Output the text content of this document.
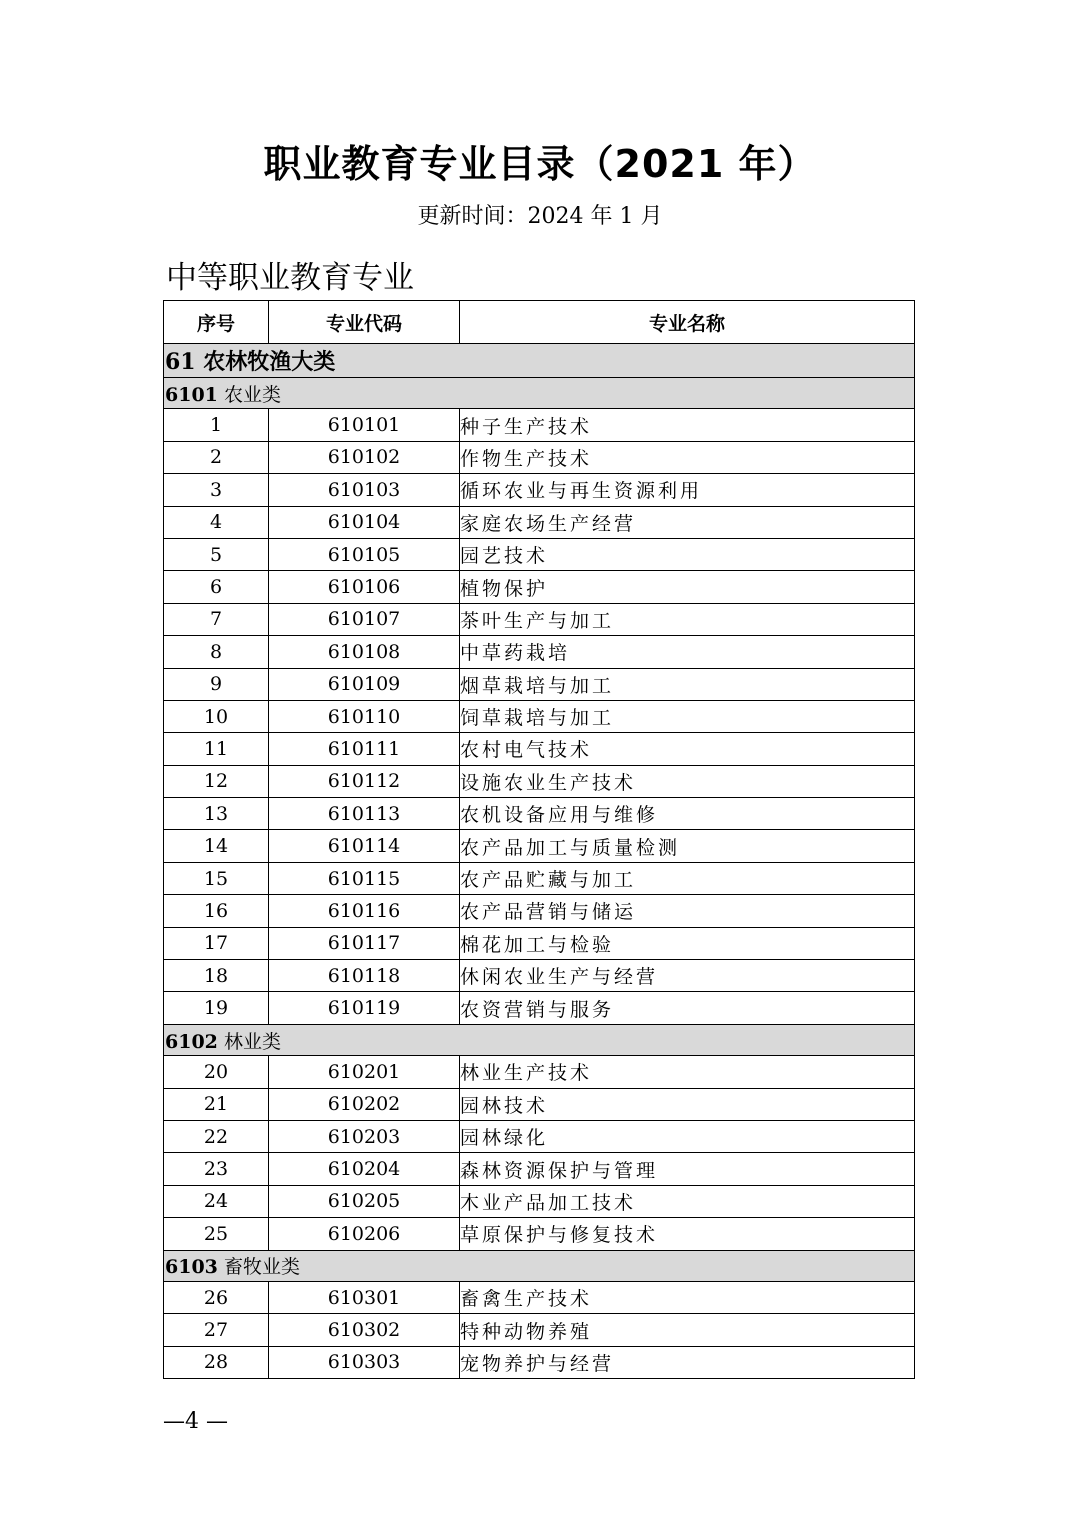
职业教育专业目录（2021 年）
更新时间：2024 年 1 月
中等职业教育专业
序号	专业代码	专业名称
61 农林牧渔大类		
6101 农业类		
1	610101	种子生产技术
2	610102	作物生产技术
3	610103	循环农业与再生资源利用
4	610104	家庭农场生产经营
5	610105	园艺技术
6	610106	植物保护
7	610107	茶叶生产与加工
8	610108	中草药栽培
9	610109	烟草栽培与加工
10	610110	饲草栽培与加工
11	610111	农村电气技术
12	610112	设施农业生产技术
13	610113	农机设备应用与维修
14	610114	农产品加工与质量检测
15	610115	农产品贮藏与加工
16	610116	农产品营销与储运
17	610117	棉花加工与检验
18	610118	休闲农业生产与经营
19	610119	农资营销与服务
6102 林业类		
20	610201	林业生产技术
21	610202	园林技术
22	610203	园林绿化
23	610204	森林资源保护与管理
24	610205	木业产品加工技术
25	610206	草原保护与修复技术
6103 畜牧业类		
26	610301	畜禽生产技术
27	610302	特种动物养殖
28	610303	宠物养护与经营
—4 —
